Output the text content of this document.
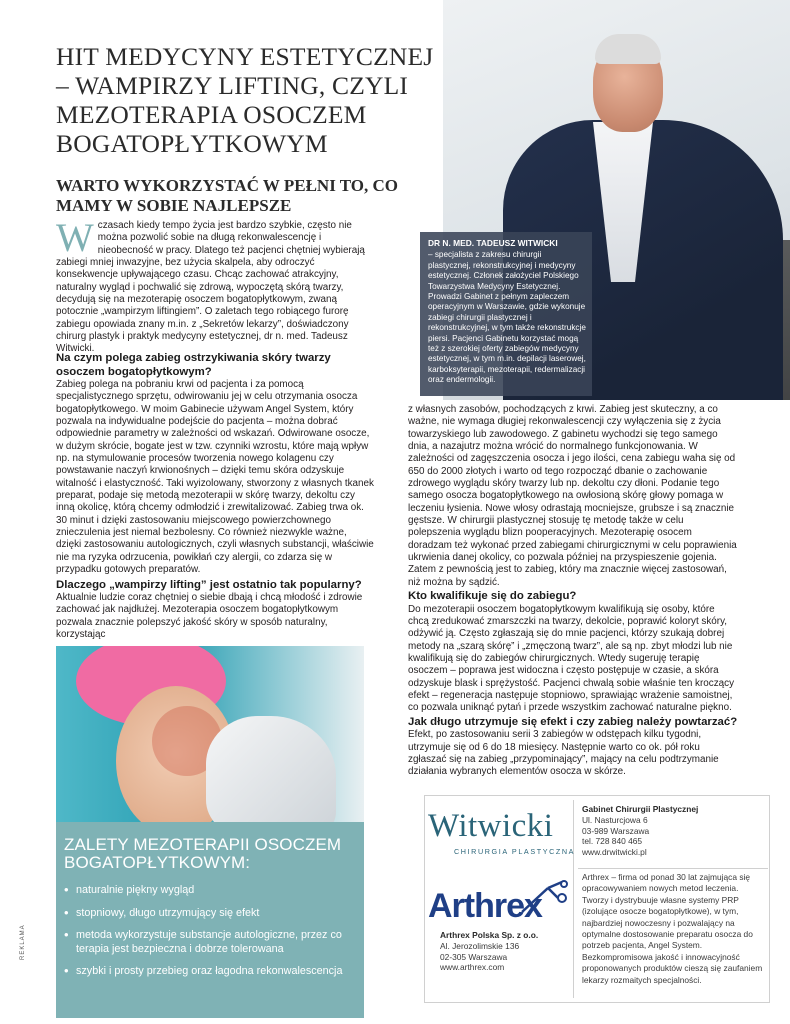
HIT MEDYCYNY ESTETYCZNEJ – WAMPIRZY LIFTING, CZYLI MEZOTERAPIA OSOCZEM BOGATOPŁYTKOWYM
WARTO WYKORZYSTAĆ W PEŁNI TO, CO MAMY W SOBIE NAJLEPSZE
DR N. MED. TADEUSZ WITWICKI
– specjalista z zakresu chirurgii plastycznej, rekonstrukcyjnej i medycyny estetycznej. Członek założyciel Polskiego Towarzystwa Medycyny Estetycznej. Prowadzi Gabinet z pełnym zapleczem operacyjnym w Warszawie, gdzie wykonuje zabiegi chirurgii plastycznej i rekonstrukcyjnej, w tym także rekonstrukcje piersi. Pacjenci Gabinetu korzystać mogą też z szerokiej oferty zabiegów medycyny estetycznej, w tym m.in. depilacji laserowej, karboksyterapii, mezoterapii, redermalizacji oraz endermologii.
W czasach kiedy tempo życia jest bardzo szybkie, często nie można pozwolić sobie na długą rekonwalescencję i nieobecność w pracy. Dlatego też pacjenci chętniej wybierają zabiegi mniej inwazyjne, bez użycia skalpela, aby odroczyć konsekwencje upływającego czasu. Chcąc zachować atrakcyjny, naturalny wygląd i pochwalić się zdrową, wypoczętą skórą twarzy, decydują się na mezoterapię osoczem bogatopłytkowym, zwaną potocznie „wampirzym liftingiem”. O zaletach tego robiącego furorę zabiegu opowiada znany m.in. z „Sekretów lekarzy”, doświadczony chirurg plastyk i praktyk medycyny estetycznej, dr n. med. Tadeusz Witwicki.

Na czym polega zabieg ostrzykiwania skóry twarzy osoczem bogatopłytkowym?

Zabieg polega na pobraniu krwi od pacjenta i za pomocą specjalistycznego sprzętu, odwirowaniu jej w celu otrzymania osocza bogatopłytkowego. W moim Gabinecie używam Angel System, który pozwala na indywidualne podejście do pacjenta – można dobrać odpowiednie parametry w zależności od wskazań. Odwirowane osocze, w dużym skrócie, bogate jest w tzw. czynniki wzrostu, które mają wpływ np. na stymulowanie procesów tworzenia nowego kolagenu czy powstawanie naczyń krwionośnych – dzięki temu skóra odzyskuje witalność i elastyczność. Taki wyizolowany, stworzony z własnych tkanek preparat, podaje się metodą mezoterapii w skórę twarzy, dekoltu czy inną okolicę, którą chcemy odmłodzić i zrewitalizować. Zabieg trwa ok. 30 minut i dzięki zastosowaniu miejscowego powierzchownego znieczulenia jest niemal bezbolesny. Co również niezwykle ważne, dzięki zastosowaniu autologicznych, czyli własnych substancji, właściwie nie ma ryzyka odrzucenia, powikłań czy alergii, co zdarza się w przypadku gotowych preparatów.

Dlaczego „wampirzy lifting” jest ostatnio tak popularny?

Aktualnie ludzie coraz chętniej o siebie dbają i chcą młodość i zdrowie zachować jak najdłużej. Mezoterapia osoczem bogatopłytkowym pozwala znacznie polepszyć jakość skóry w sposób naturalny, korzystając

z własnych zasobów, pochodzących z krwi. Zabieg jest skuteczny, a co ważne, nie wymaga długiej rekonwalescencji czy wyłączenia się z życia towarzyskiego lub zawodowego. Z gabinetu wychodzi się tego samego dnia, a nazajutrz można wrócić do normalnego funkcjonowania. W zależności od zagęszczenia osocza i jego ilości, cena zabiegu waha się od 650 do 2000 złotych i warto od tego rozpocząć dbanie o zachowanie zdrowego wyglądu skóry twarzy lub np. dekoltu czy dłoni. Podanie tego samego osocza bogatopłytkowego na owłosioną skórę głowy pomaga w leczeniu łysienia. Nowe włosy odrastają mocniejsze, grubsze i są znacznie gęstsze. W chirurgii plastycznej stosuję tę metodę także w celu polepszenia wyglądu blizn pooperacyjnych. Mezoterapię osocem doradzam też wykonać przed zabiegami chirurgicznymi w celu poprawienia ukrwienia danej okolicy, co pozwala później na przyspieszenie gojenia. Zatem z pewnością jest to zabieg, który ma znacznie więcej zastosowań, niż można by sądzić.

Kto kwalifikuje się do zabiegu?

Do mezoterapii osoczem bogatopłytkowym kwalifikują się osoby, które chcą zredukować zmarszczki na twarzy, dekolcie, poprawić koloryt skóry, odżywić ją. Często zgłaszają się do mnie pacjenci, którzy szukają dobrej metody na „szarą skórę” i „zmęczoną twarz”, ale są np. zbyt młodzi lub nie kwalifikują się do zabiegów chirurgicznych. Wtedy sugeruję terapię osoczem – poprawa jest widoczna i często postępuje w czasie, a skóra odzyskuje blask i sprężystość. Pacjenci chwalą sobie właśnie ten kroczący efekt – regeneracja następuje stopniowo, sprawiając wrażenie samoistnej, co pozwala uniknąć pytań i przede wszystkim zachować naturalne piękno.

Jak długo utrzymuje się efekt i czy zabieg należy powtarzać?

Efekt, po zastosowaniu serii 3 zabiegów w odstępach kilku tygodni, utrzymuje się od 6 do 18 miesięcy. Następnie warto co ok. pół roku zgłaszać się na zabieg „przypominający”, mający na celu podtrzymanie działania wybranych elementów osocza w skórze.

ZALETY MEZOTERAPII OSOCZEM BOGATOPŁYTKOWYM:
• naturalnie piękny wygląd
• stopniowy, długo utrzymujący się efekt
• metoda wykorzystuje substancje autologiczne, przez co terapia jest bezpieczna i dobrze tolerowana
• szybki i prosty przebieg oraz łagodna rekonwalescencja
REKLAMA
Witwicki
CHIRURGIA PLASTYCZNA
Gabinet Chirurgii Plastycznej
Ul. Nasturcjowa 6
03-989 Warszawa
tel. 728 840 465
www.drwitwicki.pl
Arthrex
Arthrex Polska Sp. z o.o.
Al. Jerozolimskie 136
02-305 Warszawa
www.arthrex.com
Arthrex – firma od ponad 30 lat zajmująca się opracowywaniem nowych metod leczenia. Tworzy i dystrybuuje własne systemy PRP (izolujące osocze bogatopłytkowe), w tym, najbardziej nowoczesny i pozwalający na optymalne dostosowanie preparatu osocza do potrzeb pacjenta, Angel System. Bezkompromisowa jakość i innowacyjność proponowanych produktów cieszą się zaufaniem lekarzy rozmaitych specjalności.
